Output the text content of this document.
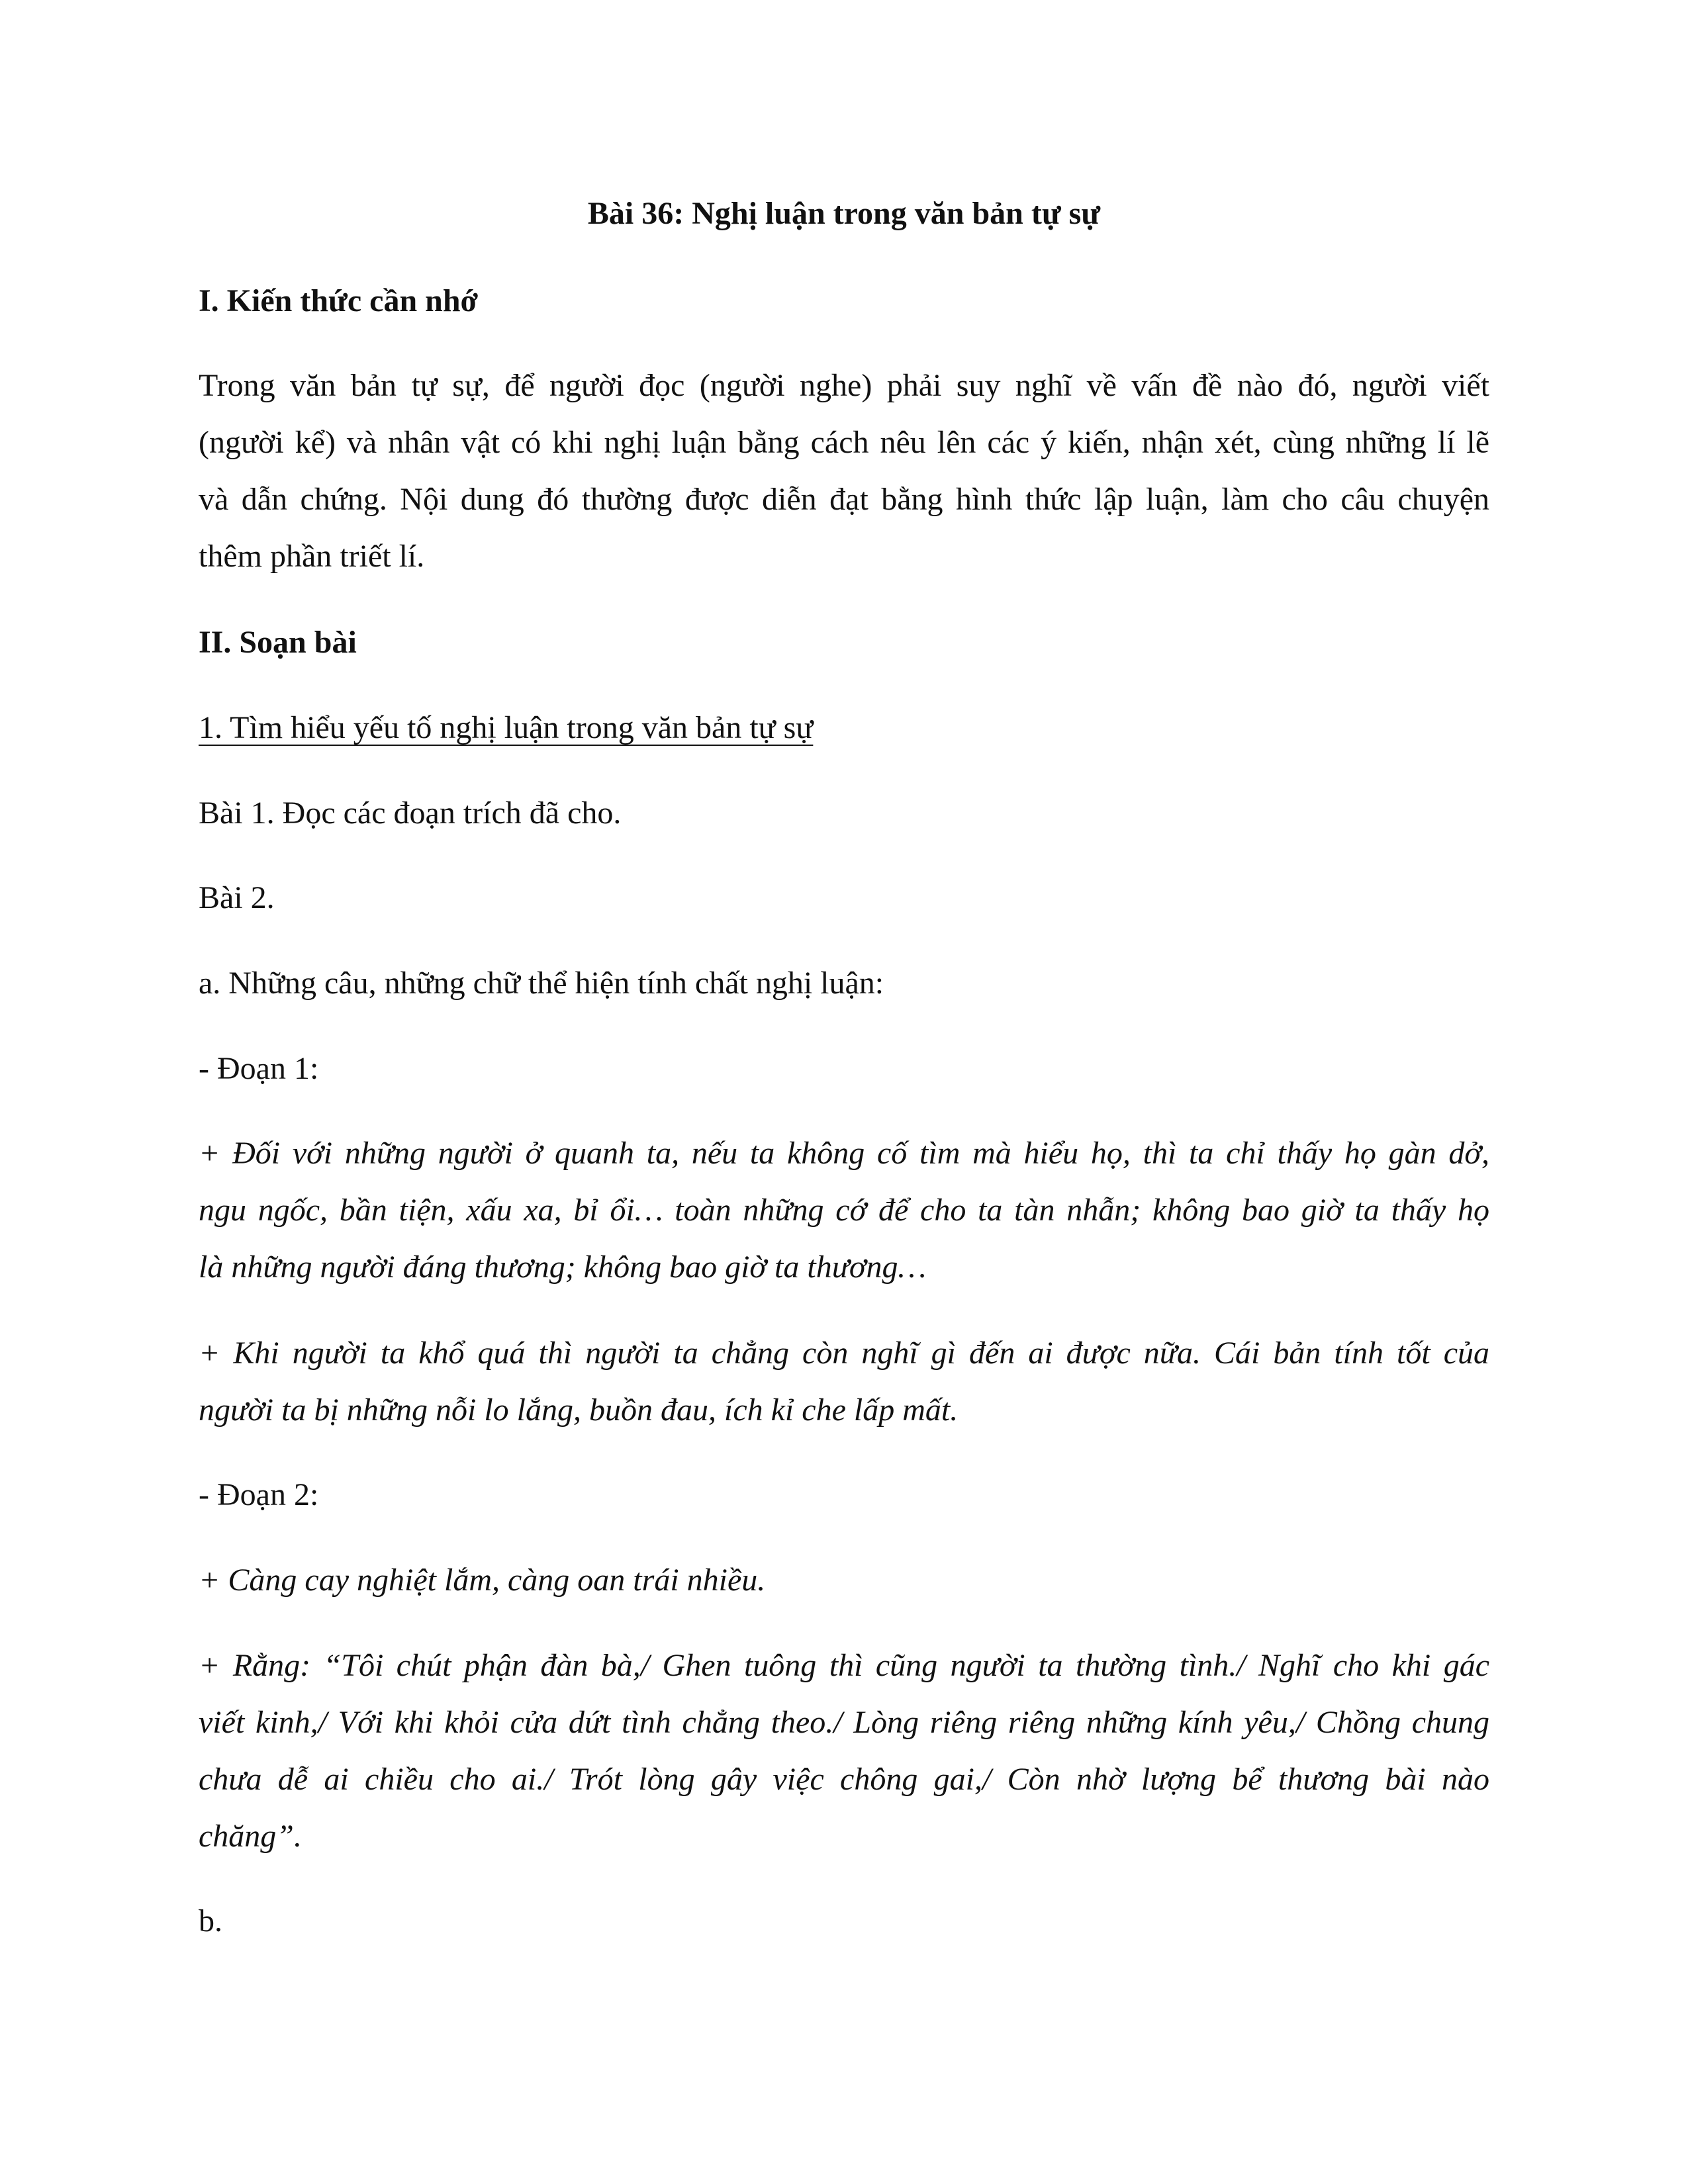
Bài 36: Nghị luận trong văn bản tự sự
I. Kiến thức cần nhớ
Trong văn bản tự sự, để người đọc (người nghe) phải suy nghĩ về vấn đề nào đó, người viết
(người kể) và nhân vật có khi nghị luận bằng cách nêu lên các ý kiến, nhận xét, cùng những lí lẽ
và dẫn chứng. Nội dung đó thường được diễn đạt bằng hình thức lập luận, làm cho câu chuyện
thêm phần triết lí.
II. Soạn bài
1. Tìm hiểu yếu tố nghị luận trong văn bản tự sự
Bài 1. Đọc các đoạn trích đã cho.
Bài 2.
a. Những câu, những chữ thể hiện tính chất nghị luận:
- Đoạn 1:
+ Đối với những người ở quanh ta, nếu ta không cố tìm mà hiểu họ, thì ta chỉ thấy họ gàn dở,
ngu ngốc, bần tiện, xấu xa, bỉ ổi… toàn những cớ để cho ta tàn nhẫn; không bao giờ ta thấy họ
là những người đáng thương; không bao giờ ta thương…
+ Khi người ta khổ quá thì người ta chẳng còn nghĩ gì đến ai được nữa. Cái bản tính tốt của
người ta bị những nỗi lo lắng, buồn đau, ích kỉ che lấp mất.
- Đoạn 2:
+ Càng cay nghiệt lắm, càng oan trái nhiều.
+ Rằng: “Tôi chút phận đàn bà,/ Ghen tuông thì cũng người ta thường tình./ Nghĩ cho khi gác
viết kinh,/ Với khi khỏi cửa dứt tình chẳng theo./ Lòng riêng riêng những kính yêu,/ Chồng chung
chưa dễ ai chiều cho ai./ Trót lòng gây việc chông gai,/ Còn nhờ lượng bể thương bài nào
chăng”.
b.
